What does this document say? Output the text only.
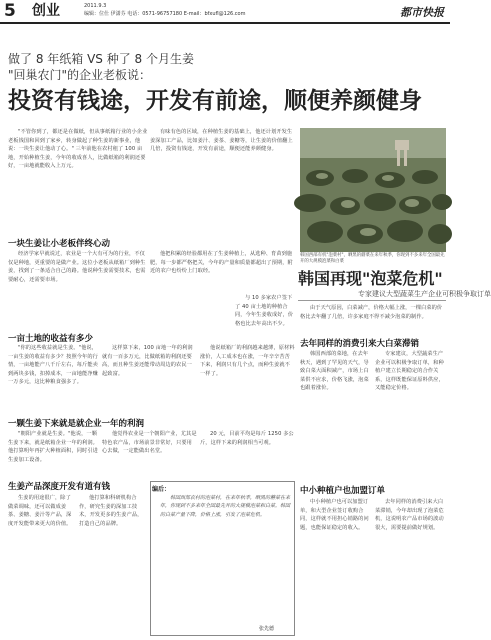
5 创业	2011.9.3
编辑：位仕 伊潇芬 电话：0571-96757180 E-mail：bfxufl@126.com	都市快报
做了 8 年纸箱 VS 种了 8 个月生姜
"回巢农门"的企业老板说：
投资有钱途，开发有前途，顺便养颜健身

"不管你到了，都还是在做纸，但从事纸箱行业的小企业老板钱国和回到了家乡，转身做起了种生姜的新事业，他说：一块生姜让他动了心。" 三年前他在农村租了 100 亩地，开始种植生姜，今年的收成喜人，比做纸箱的利润还要好，一亩地就能收入上万元。

有味有色的区域，在种植生姜的基础上，他还计划开发生姜深加工产品，比如姜汁、姜茶、姜糖等，让生姜的价值翻上几倍，投资有钱途，开发有前途，顺便还能养颜健身。

一块生姜让小老板伴终心动

经济学家早就说过，农业是一个大有可为的行业，不仅仅是种地，更重要的是做产业。这位小老板从纸箱厂到种生姜，找到了一条适合自己的路。他说种生姜需要技术，也需要耐心，还需要市场。

他把积累的经验都用在了生姜种植上，从选种、育苗到施肥，每一步都严格把关，今年的产量和质量都超出了预期，附近的农户也纷纷上门取经。

与 10 多家农户签下了 40 亩土地的种植合同，今年生姜收成好，价格也比去年高出不少。

一亩土地的收益有多少

"你的这些收益就是生姜。"他说，一亩生姜的收益有多少？按照今年的行情，一亩地能产八千斤左右，每斤能卖到两块多钱，扣掉成本，一亩地能净赚一万多元，这比种粮食强多了。

这样算下来，100 亩地一年的利润就有一百多万元，比做纸箱的利润还要高，而且种生姜还能带动周边的农民一起致富。

他说纸箱厂的利润越来越薄，原材料涨价，人工成本也在涨，一年辛辛苦苦下来，利润只有几个点，而种生姜就不一样了。

一颗生姜下来就是就企业一年的利润

"朝阳产业就是生姜。"他说，一颗生姜下来，就是纸箱企业一年的利润。他打算明年再扩大种植面积，同时引进生姜加工设备。

他觉得农业是一个朝阳产业，尤其是特色农产品，市场前景非常好，只要用心去做，一定能做出名堂。

20 元，目前平均是每斤 1250 多公斤，这样下来的利润相当可观。

生姜产品深度开发有道有钱

生姜的用途很广，除了做菜调味，还可以做成姜茶、姜糖、姜汁等产品，深度开发能带来更大的价值。

他打算和科研机构合作，研究生姜的深加工技术，开发更多的生姜产品，打造自己的品牌。

编后：

韩国西部农村的泡菜村，在来年秋季，晒黑的蘑菜在来年，你现到不多来年全国最先开的大规模泡菜和白菜。韩国的白菜产量下降，价格上涨，引发了泡菜危机。

张先德
韩国西部有机"泡菜村"，晒黑的蘑菜在来年秋季，你现到不多来年全国最先开的大规模泡菜和白菜
韩国再现"泡菜危机"
专家建议大型蔬菜生产企业可积极争取订单

由于天气原因，白菜减产，价格大幅上涨，一棵白菜的价格比去年翻了几倍，许多家庭不得不减少泡菜的制作。

去年同样的消费引来大白菜滞销

韩国西部的菜地，在去年秋天，遇到了罕见的天气，导致白菜大面积减产，市场上白菜供不应求，价格飞涨，泡菜也跟着涨价。

专家建议，大型蔬菜生产企业可以积极争取订单，和种植户建立长期稳定的合作关系，这样既能保证原料供应，又能稳定价格。

中小种植户也加盟订单

中小种植户也可以加盟订单，和大型企业签订收购合同，这样就不用担心销路的问题，也能保证稳定的收入。

去年同样的消费引来大白菜滞销，今年却出现了泡菜危机，这说明农产品市场的波动很大，需要提前做好规划。
